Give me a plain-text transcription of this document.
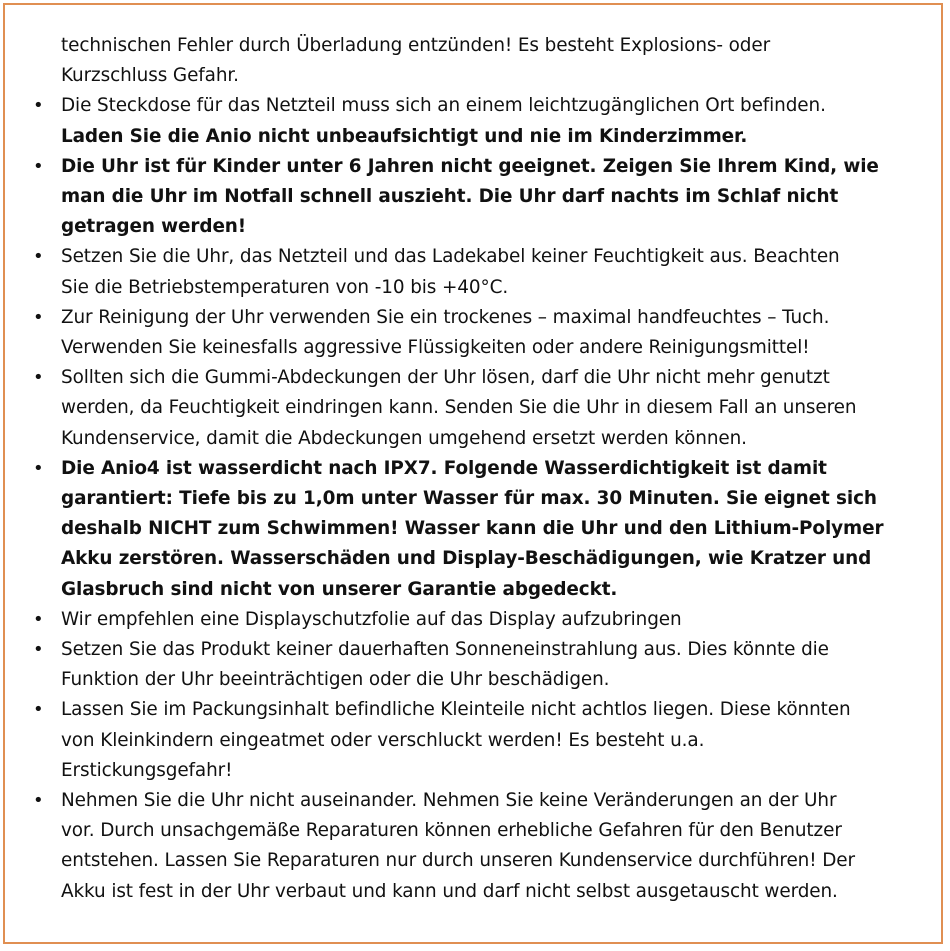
technischen Fehler durch Überladung entzünden! Es besteht Explosions- oder
Kurzschluss Gefahr.

•
Die Steckdose für das Netzteil muss sich an einem leichtzugänglichen Ort befinden.
Laden Sie die Anio nicht unbeaufsichtigt und nie im Kinderzimmer.
•
Die Uhr ist für Kinder unter 6 Jahren nicht geeignet. Zeigen Sie Ihrem Kind, wie
man die Uhr im Notfall schnell auszieht. Die Uhr darf nachts im Schlaf nicht
getragen werden!
•
Setzen Sie die Uhr, das Netzteil und das Ladekabel keiner Feuchtigkeit aus. Beachten
Sie die Betriebstemperaturen von -10 bis +40°C.
•
Zur Reinigung der Uhr verwenden Sie ein trockenes – maximal handfeuchtes – Tuch.
Verwenden Sie keinesfalls aggressive Flüssigkeiten oder andere Reinigungsmittel!
•
Sollten sich die Gummi-Abdeckungen der Uhr lösen, darf die Uhr nicht mehr genutzt
werden, da Feuchtigkeit eindringen kann. Senden Sie die Uhr in diesem Fall an unseren
Kundenservice, damit die Abdeckungen umgehend ersetzt werden können.
•
Die Anio4 ist wasserdicht nach IPX7. Folgende Wasserdichtigkeit ist damit
garantiert: Tiefe bis zu 1,0m unter Wasser für max. 30 Minuten. Sie eignet sich
deshalb NICHT zum Schwimmen! Wasser kann die Uhr und den Lithium-Polymer
Akku zerstören. Wasserschäden und Display-Beschädigungen, wie Kratzer und
Glasbruch sind nicht von unserer Garantie abgedeckt.
•
Wir empfehlen eine Displayschutzfolie auf das Display aufzubringen
•
Setzen Sie das Produkt keiner dauerhaften Sonneneinstrahlung aus. Dies könnte die
Funktion der Uhr beeinträchtigen oder die Uhr beschädigen.
•
Lassen Sie im Packungsinhalt befindliche Kleinteile nicht achtlos liegen. Diese könnten
von Kleinkindern eingeatmet oder verschluckt werden! Es besteht u.a.
Erstickungsgefahr!
•
Nehmen Sie die Uhr nicht auseinander. Nehmen Sie keine Veränderungen an der Uhr
vor. Durch unsachgemäße Reparaturen können erhebliche Gefahren für den Benutzer
entstehen. Lassen Sie Reparaturen nur durch unseren Kundenservice durchführen! Der
Akku ist fest in der Uhr verbaut und kann und darf nicht selbst ausgetauscht werden.
